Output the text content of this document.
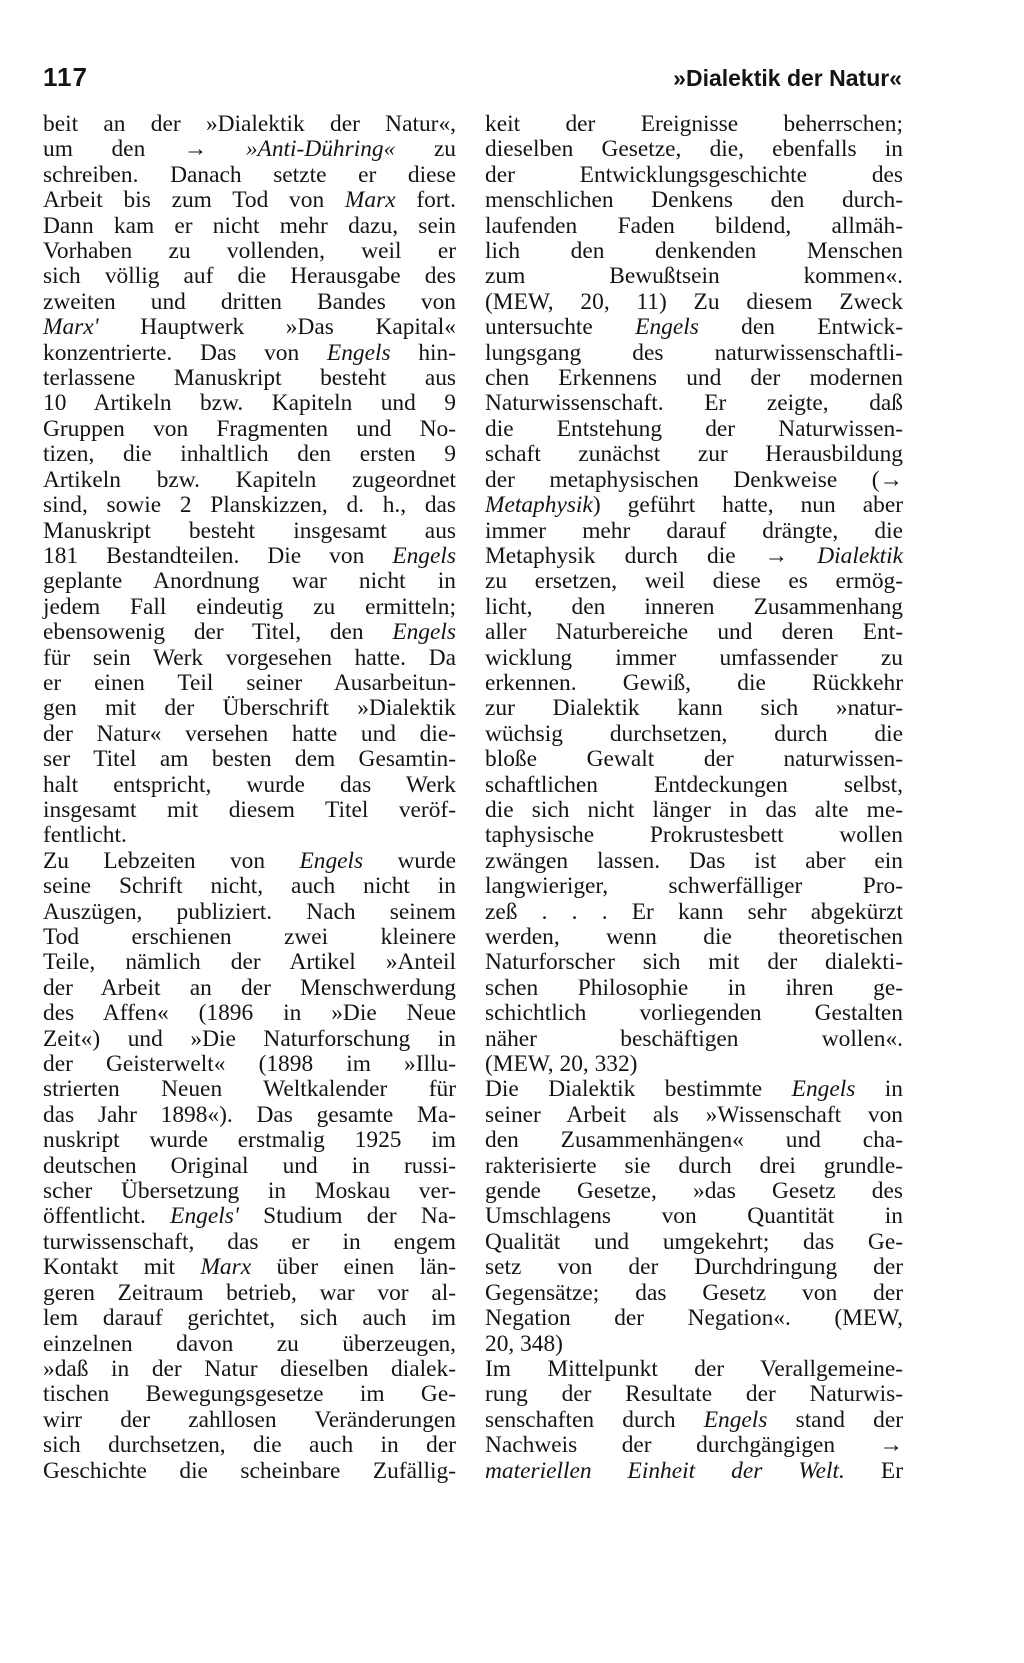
117	»Dialektik der Natur«
beit an der »Dialektik der Natur«,
um den → »Anti-Dühring« zu
schreiben. Danach setzte er diese
Arbeit bis zum Tod von Marx fort.
Dann kam er nicht mehr dazu, sein
Vorhaben zu vollenden, weil er
sich völlig auf die Herausgabe des
zweiten und dritten Bandes von
Marx' Hauptwerk »Das Kapital«
konzentrierte. Das von Engels hin-
terlassene Manuskript besteht aus
10 Artikeln bzw. Kapiteln und 9
Gruppen von Fragmenten und No-
tizen, die inhaltlich den ersten 9
Artikeln bzw. Kapiteln zugeordnet
sind, sowie 2 Planskizzen, d. h., das
Manuskript besteht insgesamt aus
181 Bestandteilen. Die von Engels
geplante Anordnung war nicht in
jedem Fall eindeutig zu ermitteln;
ebensowenig der Titel, den Engels
für sein Werk vorgesehen hatte. Da
er einen Teil seiner Ausarbeitun-
gen mit der Überschrift »Dialektik
der Natur« versehen hatte und die-
ser Titel am besten dem Gesamtin-
halt entspricht, wurde das Werk
insgesamt mit diesem Titel veröf-
fentlicht.
Zu Lebzeiten von Engels wurde
seine Schrift nicht, auch nicht in
Auszügen, publiziert. Nach seinem
Tod erschienen zwei kleinere
Teile, nämlich der Artikel »Anteil
der Arbeit an der Menschwerdung
des Affen« (1896 in »Die Neue
Zeit«) und »Die Naturforschung in
der Geisterwelt« (1898 im »Illu-
strierten Neuen Weltkalender für
das Jahr 1898«). Das gesamte Ma-
nuskript wurde erstmalig 1925 im
deutschen Original und in russi-
scher Übersetzung in Moskau ver-
öffentlicht. Engels' Studium der Na-
turwissenschaft, das er in engem
Kontakt mit Marx über einen län-
geren Zeitraum betrieb, war vor al-
lem darauf gerichtet, sich auch im
einzelnen davon zu überzeugen,
»daß in der Natur dieselben dialek-
tischen Bewegungsgesetze im Ge-
wirr der zahllosen Veränderungen
sich durchsetzen, die auch in der
Geschichte die scheinbare Zufällig-
keit der Ereignisse beherrschen;
dieselben Gesetze, die, ebenfalls in
der Entwicklungsgeschichte des
menschlichen Denkens den durch-
laufenden Faden bildend, allmäh-
lich den denkenden Menschen
zum Bewußtsein kommen«.
(MEW, 20, 11) Zu diesem Zweck
untersuchte Engels den Entwick-
lungsgang des naturwissenschaftli-
chen Erkennens und der modernen
Naturwissenschaft. Er zeigte, daß
die Entstehung der Naturwissen-
schaft zunächst zur Herausbildung
der metaphysischen Denkweise (→
Metaphysik) geführt hatte, nun aber
immer mehr darauf drängte, die
Metaphysik durch die → Dialektik
zu ersetzen, weil diese es ermög-
licht, den inneren Zusammenhang
aller Naturbereiche und deren Ent-
wicklung immer umfassender zu
erkennen. Gewiß, die Rückkehr
zur Dialektik kann sich »natur-
wüchsig durchsetzen, durch die
bloße Gewalt der naturwissen-
schaftlichen Entdeckungen selbst,
die sich nicht länger in das alte me-
taphysische Prokrustesbett wollen
zwängen lassen. Das ist aber ein
langwieriger, schwerfälliger Pro-
zeß . . . Er kann sehr abgekürzt
werden, wenn die theoretischen
Naturforscher sich mit der dialekti-
schen Philosophie in ihren ge-
schichtlich vorliegenden Gestalten
näher beschäftigen wollen«.
(MEW, 20, 332)
Die Dialektik bestimmte Engels in
seiner Arbeit als »Wissenschaft von
den Zusammenhängen« und cha-
rakterisierte sie durch drei grundle-
gende Gesetze, »das Gesetz des
Umschlagens von Quantität in
Qualität und umgekehrt; das Ge-
setz von der Durchdringung der
Gegensätze; das Gesetz von der
Negation der Negation«. (MEW,
20, 348)
Im Mittelpunkt der Verallgemeine-
rung der Resultate der Naturwis-
senschaften durch Engels stand der
Nachweis der durchgängigen →
materiellen Einheit der Welt. Er
